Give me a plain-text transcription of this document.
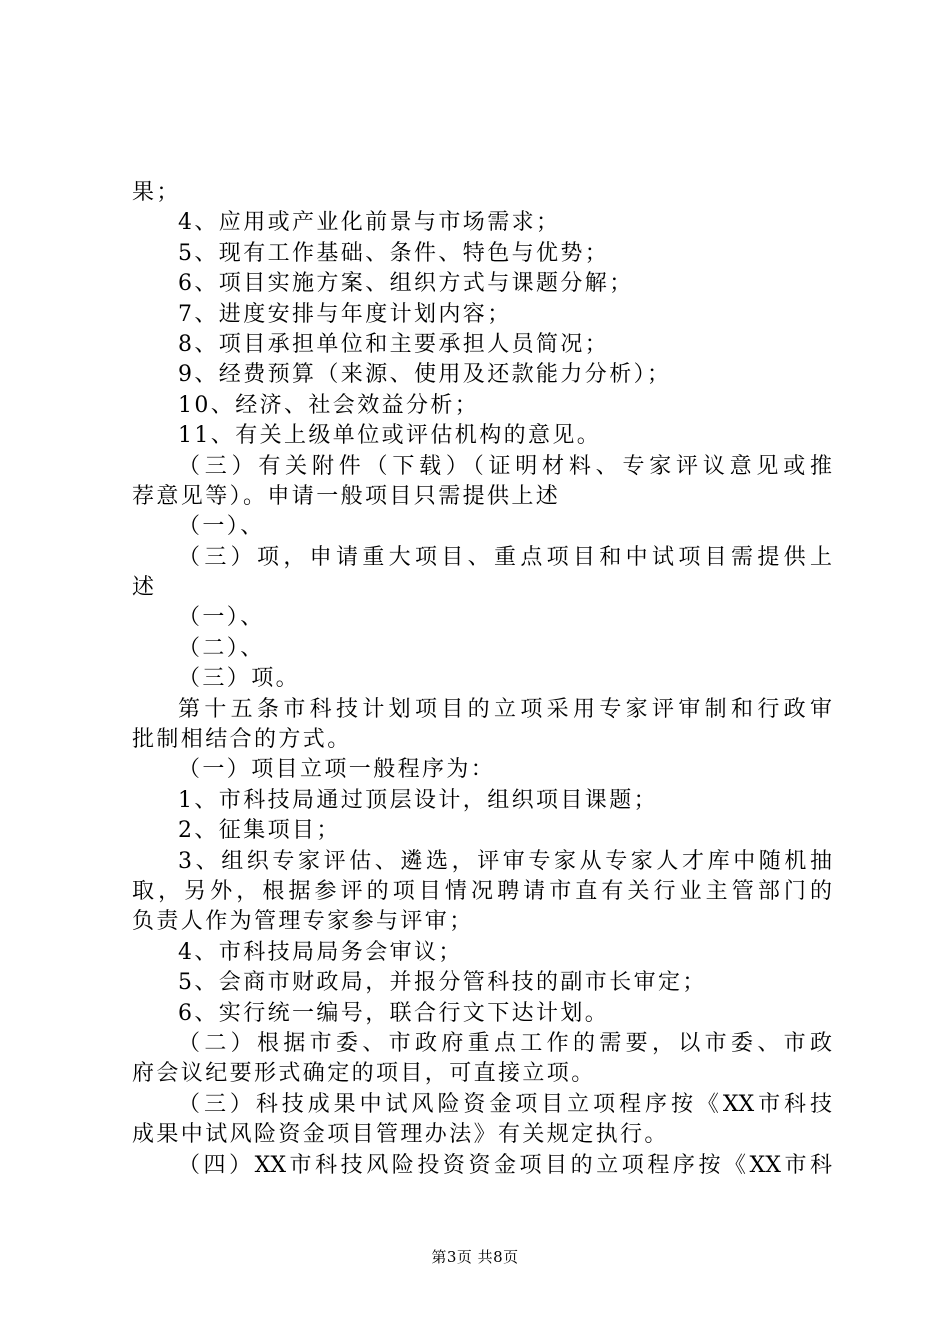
果；
4、应用或产业化前景与市场需求；
5、现有工作基础、条件、特色与优势；
6、项目实施方案、组织方式与课题分解；
7、进度安排与年度计划内容；
8、项目承担单位和主要承担人员简况；
9、经费预算（来源、使用及还款能力分析）；
10、经济、社会效益分析；
11、有关上级单位或评估机构的意见。
（三）有关附件（下载）（证明材料、专家评议意见或推
荐意见等）。申请一般项目只需提供上述
（一）、
（三）项，申请重大项目、重点项目和中试项目需提供上
述
（一）、
（二）、
（三）项。
第十五条市科技计划项目的立项采用专家评审制和行政审
批制相结合的方式。
（一）项目立项一般程序为：
1、市科技局通过顶层设计，组织项目课题；
2、征集项目；
3、组织专家评估、遴选，评审专家从专家人才库中随机抽
取，另外，根据参评的项目情况聘请市直有关行业主管部门的
负责人作为管理专家参与评审；
4、市科技局局务会审议；
5、会商市财政局，并报分管科技的副市长审定；
6、实行统一编号，联合行文下达计划。
（二）根据市委、市政府重点工作的需要，以市委、市政
府会议纪要形式确定的项目，可直接立项。
（三）科技成果中试风险资金项目立项程序按《XX市科技
成果中试风险资金项目管理办法》有关规定执行。
（四）XX市科技风险投资资金项目的立项程序按《XX市科
第3页 共8页
